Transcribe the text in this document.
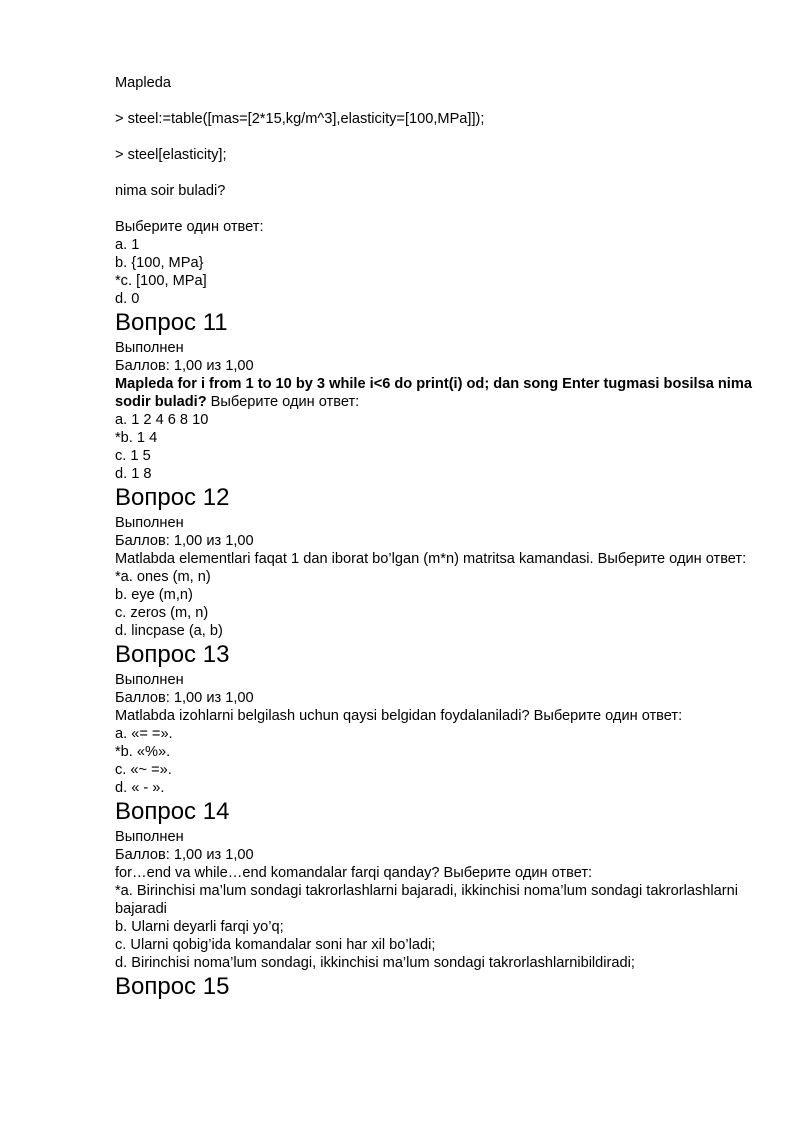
Mapleda
> steel:=table([mas=[2*15,kg/m^3],elasticity=[100,MPa]]);
> steel[elasticity];
nima soir buladi?
Выберите один ответ:
a. 1
b. {100, MPa}
*c. [100, MPa]
d. 0
Вопрос 11
Выполнен
Баллов: 1,00 из 1,00
Mapleda for i from 1 to 10 by 3 while i<6 do print(i) od; dan song Enter tugmasi bosilsa nima sodir buladi? Выберите один ответ:
a. 1 2 4 6 8 10
*b. 1 4
c. 1 5
d. 1 8
Вопрос 12
Выполнен
Баллов: 1,00 из 1,00
Matlabda elementlari faqat 1 dan iborat bo’lgan (m*n) matritsa kamandasi. Выберите один ответ:
*a. ones (m, n)
b. eye (m,n)
c. zeros (m, n)
d. lincpase (a, b)
Вопрос 13
Выполнен
Баллов: 1,00 из 1,00
Matlabda izohlarni belgilash uchun qaysi belgidan foydalaniladi? Выберите один ответ:
a. «= =».
*b. «%».
c. «~ =».
d. « - ».
Вопрос 14
Выполнен
Баллов: 1,00 из 1,00
for…end va while…end komandalar farqi qanday? Выберите один ответ:
*a. Birinchisi ma’lum sondagi takrorlashlarni bajaradi, ikkinchisi noma’lum sondagi takrorlashlarni bajaradi
b. Ularni deyarli farqi yo’q;
c. Ularni qobig’ida komandalar soni har xil bo’ladi;
d. Birinchisi noma’lum sondagi, ikkinchisi ma’lum sondagi takrorlashlarnibildiradi;
Вопрос 15
